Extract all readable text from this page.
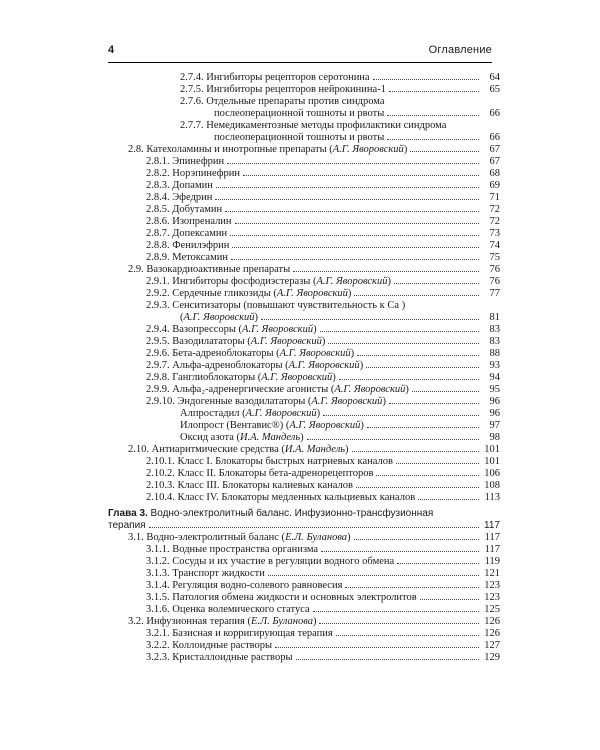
4	Оглавление
2.7.4. Ингибиторы рецепторов серотонина	64
2.7.5. Ингибиторы рецепторов нейрокинина-1	65
2.7.6. Отдельные препараты против синдрома
послеоперационной тошноты и рвоты	66
2.7.7. Немедикаментозные методы профилактики синдрома
послеоперационной тошноты и рвоты	66
2.8. Катехоламины и инотропные препараты (А.Г. Яворовский)	67
2.8.1. Эпинефрин	67
2.8.2. Норэпинефрин	68
2.8.3. Допамин	69
2.8.4. Эфедрин	71
2.8.5. Добутамин	72
2.8.6. Изопреналин	72
2.8.7. Допексамин	73
2.8.8. Фенилэфрин	74
2.8.9. Метоксамин	75
2.9. Вазокардиоактивные препараты	76
2.9.1. Ингибиторы фосфодиэстеразы (А.Г. Яворовский)	76
2.9.2. Сердечные гликозиды (А.Г. Яворовский)	77
2.9.3. Сенситизаторы (повышают чувствительность к Ca )
(А.Г. Яворовский)	81
2.9.4. Вазопрессоры (А.Г. Яворовский)	83
2.9.5. Вазодилататоры (А.Г. Яворовский)	83
2.9.6. Бета-адреноблокаторы (А.Г. Яворовский)	88
2.9.7. Альфа-адреноблокаторы (А.Г. Яворовский)	93
2.9.8. Ганглиоблокаторы (А.Г. Яворовский)	94
2.9.9. Альфа₂-адренергические агонисты (А.Г. Яворовский)	95
2.9.10. Эндогенные вазодилататоры (А.Г. Яворовский)	96
Алпростадил (А.Г. Яворовский)	96
Илопрост (Вентавис®) (А.Г. Яворовский)	97
Оксид азота (И.А. Мандель)	98
2.10. Антиаритмические средства (И.А. Мандель)	101
2.10.1. Класс I. Блокаторы быстрых натриевых каналов	101
2.10.2. Класс II. Блокаторы бета-адренорецепторов	106
2.10.3. Класс III. Блокаторы калиевых каналов	108
2.10.4. Класс IV. Блокаторы медленных кальциевых каналов	113
Глава 3. Водно-электролитный баланс. Инфузионно-трансфузионная
терапия	117
3.1. Водно-электролитный баланс (Е.Л. Буланова)	117
3.1.1. Водные пространства организма	117
3.1.2. Сосуды и их участие в регуляции водного обмена	119
3.1.3. Транспорт жидкости	121
3.1.4. Регуляция водно-солевого равновесия	123
3.1.5. Патология обмена жидкости и основных электролитов	123
3.1.6. Оценка волемического статуса	125
3.2. Инфузионная терапия (Е.Л. Буланова)	126
3.2.1. Базисная и корригирующая терапия	126
3.2.2. Коллоидные растворы	127
3.2.3. Кристаллоидные растворы	129
